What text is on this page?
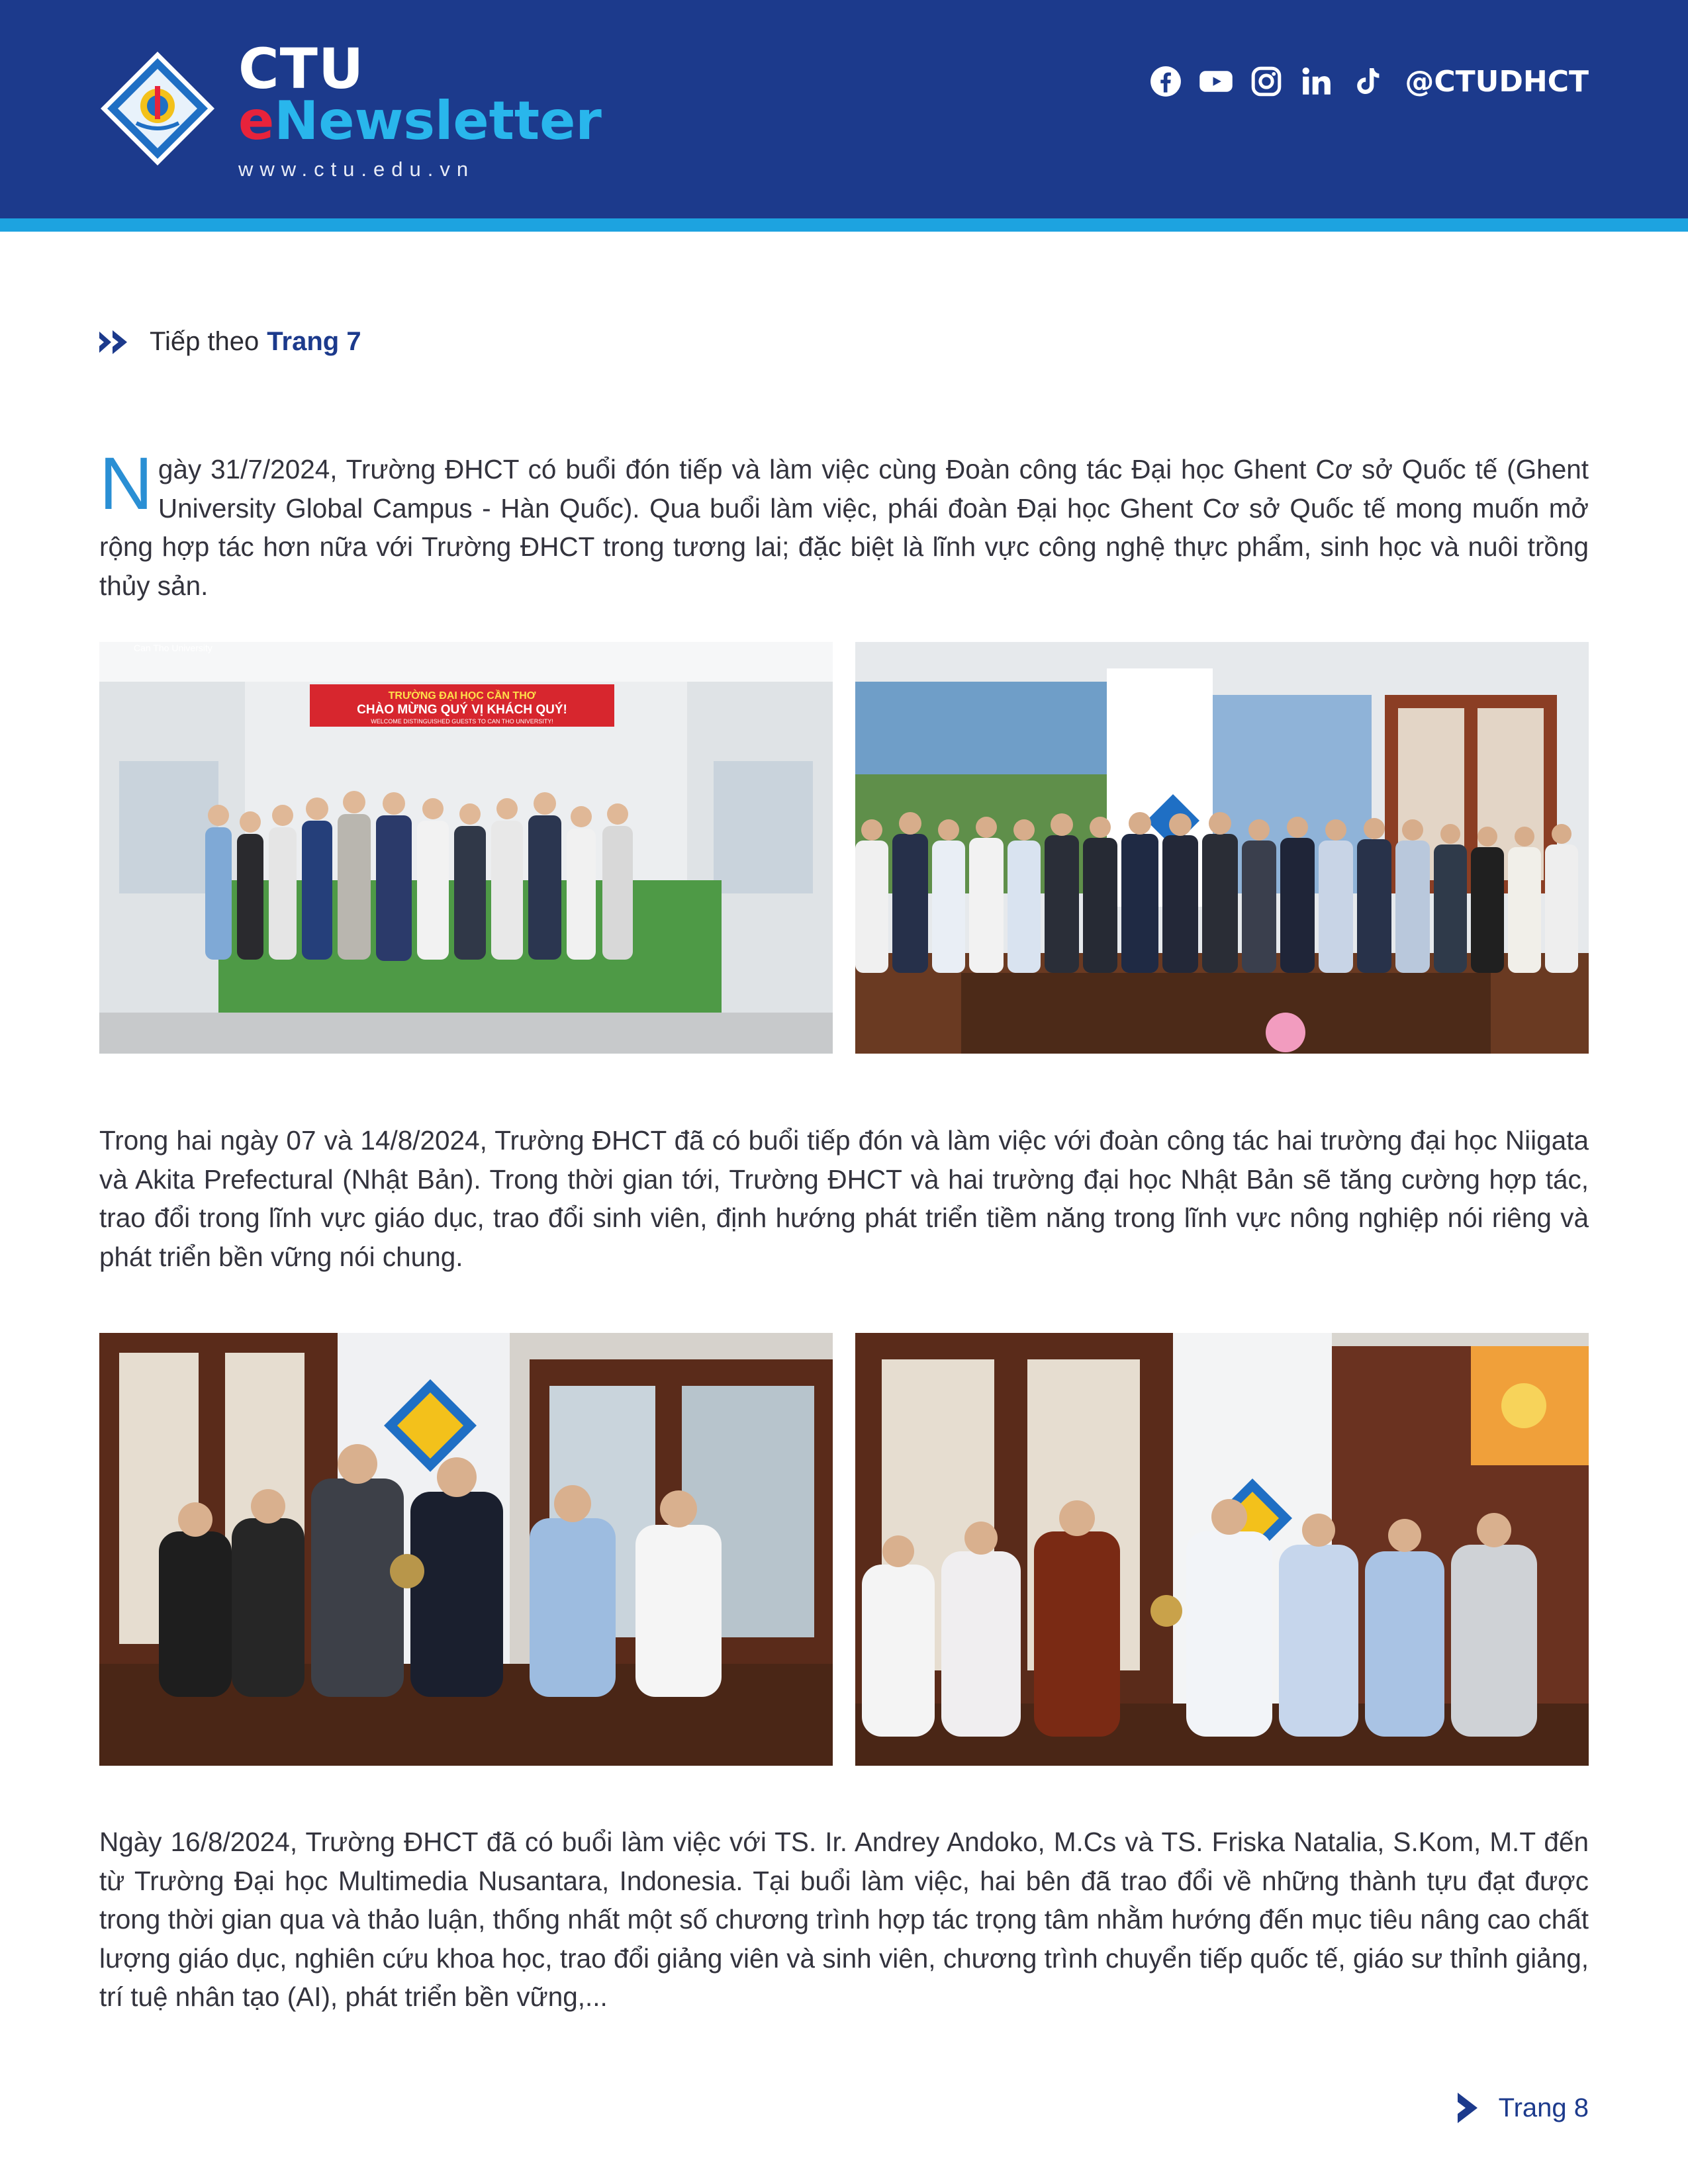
CTU
eNewsletter
www.ctu.edu.vn
@CTUDHCT
Tiếp theo Trang 7

Ngày 31/7/2024, Trường ĐHCT có buổi đón tiếp và làm việc cùng Đoàn công tác Đại học Ghent Cơ sở Quốc tế (Ghent University Global Campus - Hàn Quốc). Qua buổi làm việc, phái đoàn Đại học Ghent Cơ sở Quốc tế mong muốn mở rộng hợp tác hơn nữa với Trường ĐHCT trong tương lai; đặc biệt là lĩnh vực công nghệ thực phẩm, sinh học và nuôi trồng thủy sản.

TRƯỜNG ĐẠI HỌC CẦN THƠ
CHÀO MỪNG QUÝ VỊ KHÁCH QUÝ!
WELCOME DISTINGUISHED GUESTS TO CAN THO UNIVERSITY!
Can Tho University

Trong hai ngày 07 và 14/8/2024, Trường ĐHCT đã có buổi tiếp đón và làm việc với đoàn công tác hai trường đại học Niigata và Akita Prefectural (Nhật Bản). Trong thời gian tới, Trường ĐHCT và hai trường đại học Nhật Bản sẽ tăng cường hợp tác, trao đổi trong lĩnh vực giáo dục, trao đổi sinh viên, định hướng phát triển tiềm năng trong lĩnh vực nông nghiệp nói riêng và phát triển bền vững nói chung.

Ngày 16/8/2024, Trường ĐHCT đã có buổi làm việc với TS. Ir. Andrey Andoko, M.Cs và TS. Friska Natalia, S.Kom, M.T đến từ Trường Đại học Multimedia Nusantara, Indonesia. Tại buổi làm việc, hai bên đã trao đổi về những thành tựu đạt được trong thời gian qua và thảo luận, thống nhất một số chương trình hợp tác trọng tâm nhằm hướng đến mục tiêu nâng cao chất lượng giáo dục, nghiên cứu khoa học, trao đổi giảng viên và sinh viên, chương trình chuyển tiếp quốc tế, giáo sư thỉnh giảng, trí tuệ nhân tạo (AI), phát triển bền vững,...

Trang 8
